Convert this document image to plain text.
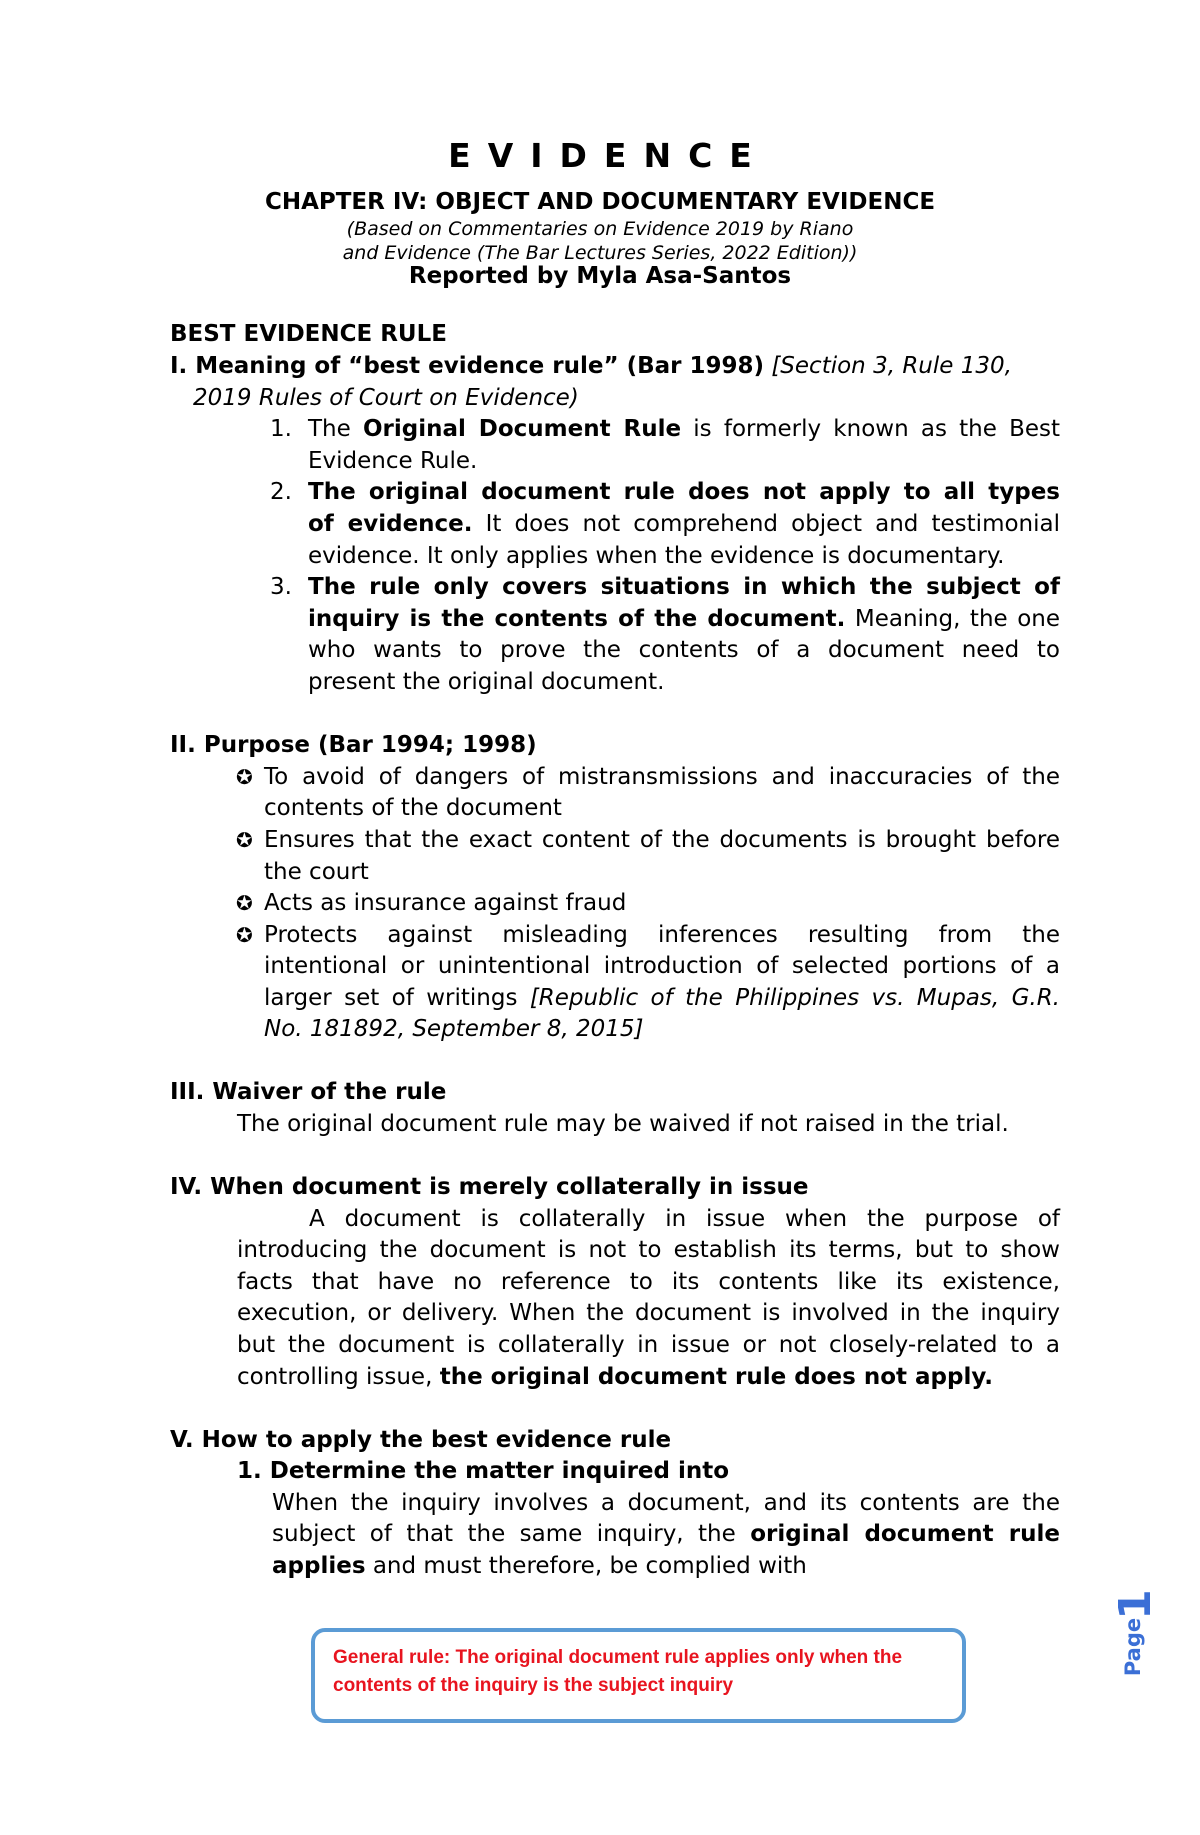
EVIDENCE
CHAPTER IV: OBJECT AND DOCUMENTARY EVIDENCE
(Based on Commentaries on Evidence 2019 by Riano
and Evidence (The Bar Lectures Series, 2022 Edition))
Reported by Myla Asa-Santos
BEST EVIDENCE RULE
I. Meaning of “best evidence rule” (Bar 1998) [Section 3, Rule 130,
2019 Rules of Court on Evidence)
1. The Original Document Rule is formerly known as the Best
Evidence Rule.
2. The original document rule does not apply to all types
of evidence. It does not comprehend object and testimonial
evidence. It only applies when the evidence is documentary.
3. The rule only covers situations in which the subject of
inquiry is the contents of the document. Meaning, the one
who wants to prove the contents of a document need to
present the original document.
II. Purpose (Bar 1994; 1998)
✪ To avoid of dangers of mistransmissions and inaccuracies of the
contents of the document
✪ Ensures that the exact content of the documents is brought before
the court
✪ Acts as insurance against fraud
✪ Protects against misleading inferences resulting from the
intentional or unintentional introduction of selected portions of a
larger set of writings [Republic of the Philippines vs. Mupas, G.R.
No. 181892, September 8, 2015]
III. Waiver of the rule
The original document rule may be waived if not raised in the trial.
IV. When document is merely collaterally in issue
A document is collaterally in issue when the purpose of
introducing the document is not to establish its terms, but to show
facts that have no reference to its contents like its existence,
execution, or delivery. When the document is involved in the inquiry
but the document is collaterally in issue or not closely-related to a
controlling issue, the original document rule does not apply.
V. How to apply the best evidence rule
1. Determine the matter inquired into
When the inquiry involves a document, and its contents are the
subject of that the same inquiry, the original document rule
applies and must therefore, be complied with
General rule: The original document rule applies only when the
contents of the inquiry is the subject inquiry
1
Page
